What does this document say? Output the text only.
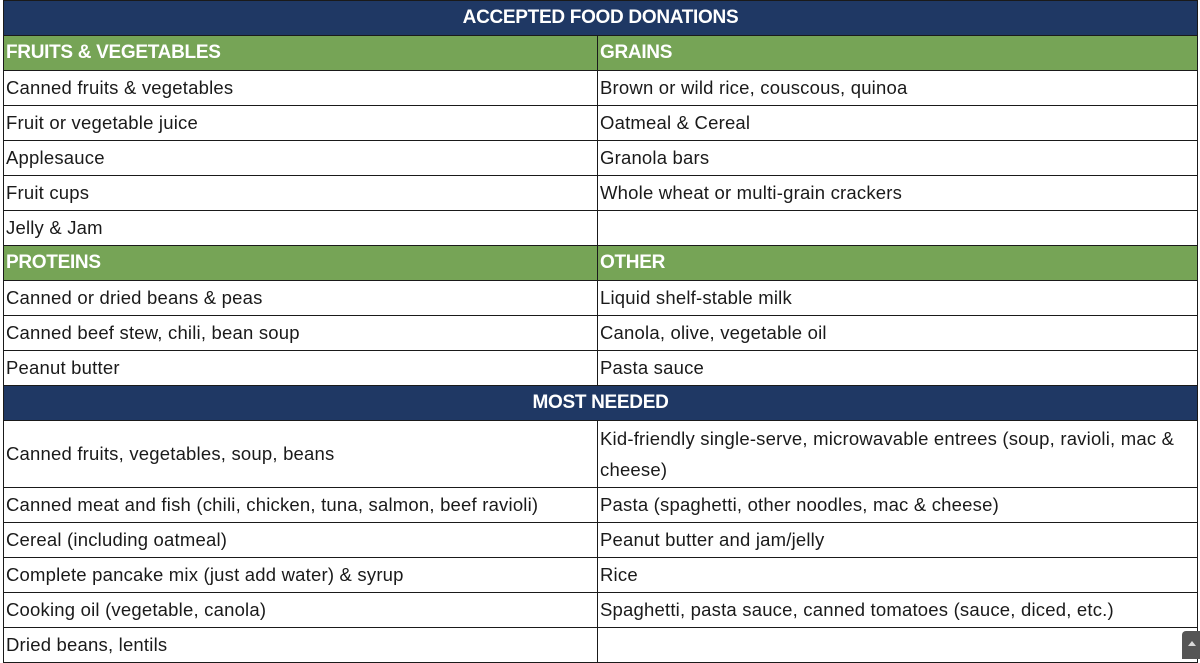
ACCEPTED FOOD DONATIONS	
FRUITS & VEGETABLES	GRAINS
Canned fruits & vegetables	Brown or wild rice, couscous, quinoa
Fruit or vegetable juice	Oatmeal & Cereal
Applesauce	Granola bars
Fruit cups	Whole wheat or multi-grain crackers
Jelly & Jam	
PROTEINS	OTHER
Canned or dried beans & peas	Liquid shelf-stable milk
Canned beef stew, chili, bean soup	Canola, olive, vegetable oil
Peanut butter	Pasta sauce
MOST NEEDED	
Canned fruits, vegetables, soup, beans	Kid-friendly single-serve, microwavable entrees (soup, ravioli, mac & cheese)
Canned meat and fish (chili, chicken, tuna, salmon, beef ravioli)	Pasta (spaghetti, other noodles, mac & cheese)
Cereal (including oatmeal)	Peanut butter and jam/jelly
Complete pancake mix (just add water) & syrup	Rice
Cooking oil (vegetable, canola)	Spaghetti, pasta sauce, canned tomatoes (sauce, diced, etc.)
Dried beans, lentils	
